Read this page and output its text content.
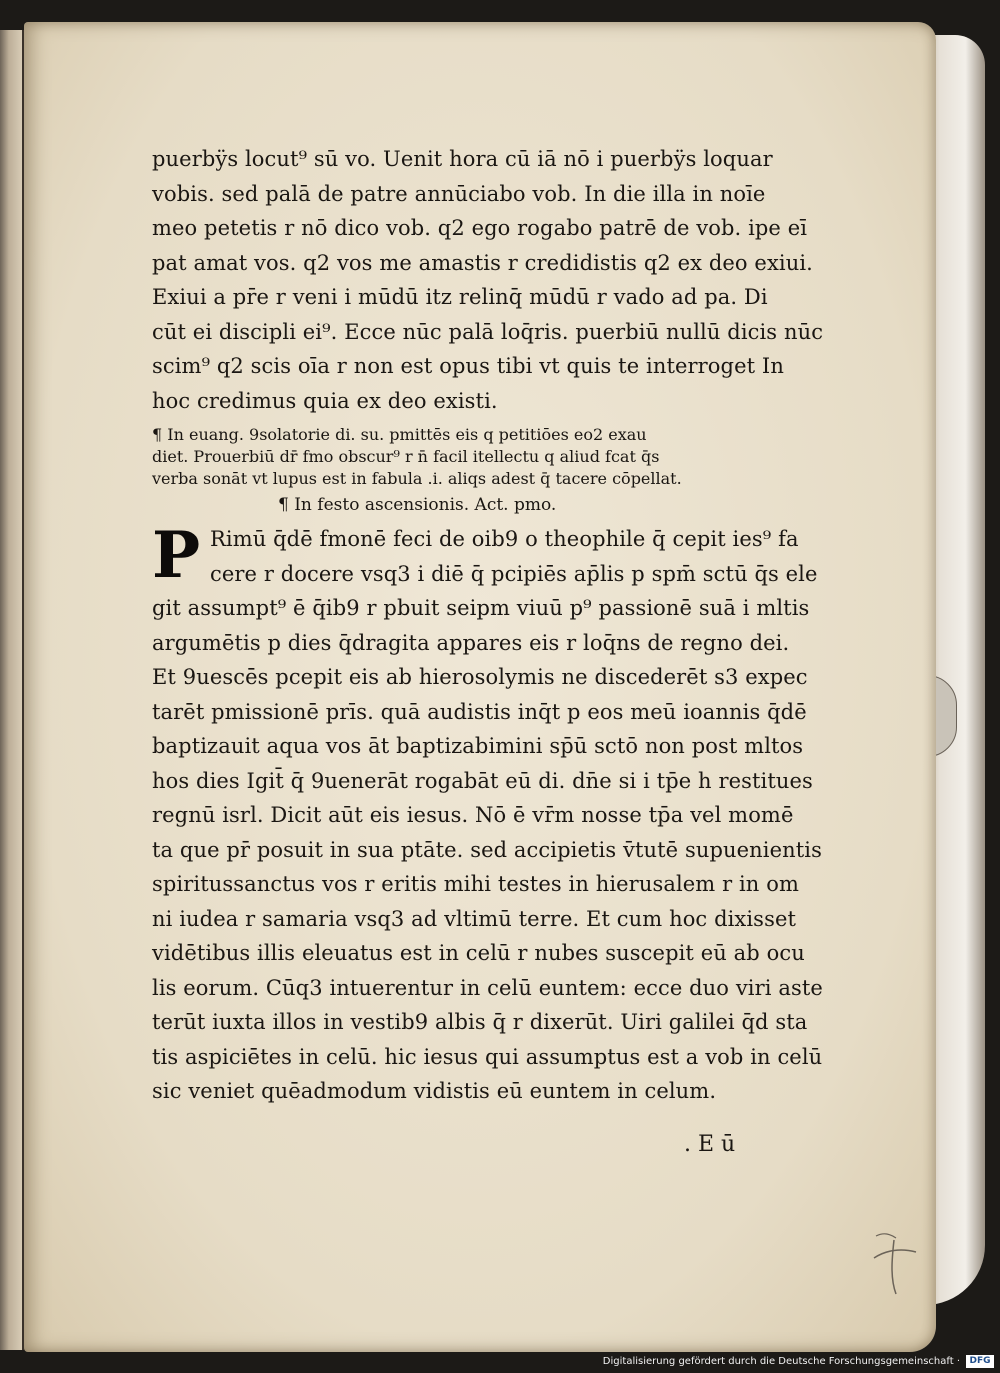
puerbÿs locut⁹ sū vo. Uenit hora cū iā nō i puerbÿs loquar
vobis. sed palā de patre annūciabo vob. In die illa in noīe
meo petetis r nō dico vob. q2 ego rogabo patrē de vob. ipe eī
pat amat vos. q2 vos me amastis r credidistis q2 ex deo exiui.
Exiui a pr̄e r veni i mūdū itz relinq̄ mūdū r vado ad pa. Di
cūt ei discipli ei⁹. Ecce nūc palā loq̄ris. puerbiū nullū dicis nūc
scim⁹ q2 scis oīa r non est opus tibi vt quis te interroget In
hoc credimus quia ex deo existi.
¶ In euang. 9solatorie di. su. pmittēs eis q petitiōes eo2 exau
diet. Prouerbiū dr̄ fmo obscur⁹ r n̄ facil itellectu q aliud fcat q̄s
verba sonāt vt lupus est in fabula .i. aliqs adest q̄ tacere cōpellat.
¶ In festo ascensionis. Act. pmo.
P Rimū q̄dē fmonē feci de oib9 o theophile q̄ cepit ies⁹ fa
cere r docere vsq3 i diē q̄ pcipiēs ap̄lis p spm̄ sctū q̄s ele
git assumpt⁹ ē q̄ib9 r pbuit seipm viuū p⁹ passionē suā i mltis
argumētis p dies q̄dragita appares eis r loq̄ns de regno dei.
Et 9uescēs pcepit eis ab hierosolymis ne discederēt s3 expec
tarēt pmissionē prīs. quā audistis inq̄t p eos meū ioannis q̄dē
baptizauit aqua vos āt baptizabimini sp̄ū sctō non post mltos
hos dies Igit̄ q̄ 9uenerāt rogabāt eū di. dn̄e si i tp̄e h restitues
regnū isrl. Dicit aūt eis iesus. Nō ē vr̄m nosse tp̄a vel momē
ta que pr̄ posuit in sua ptāte. sed accipietis v̄tutē supuenientis
spiritussanctus vos r eritis mihi testes in hierusalem r in om
ni iudea r samaria vsq3 ad vltimū terre. Et cum hoc dixisset
vidētibus illis eleuatus est in celū r nubes suscepit eū ab ocu
lis eorum. Cūq3 intuerentur in celū euntem: ecce duo viri aste
terūt iuxta illos in vestib9 albis q̄ r dixerūt. Uiri galilei q̄d sta
tis aspiciētes in celū. hic iesus qui assumptus est a vob in celū
sic veniet quēadmodum vidistis eū euntem in celum.
. E ū
Digitalisierung gefördert durch die Deutsche Forschungsgemeinschaft ·	DFG
